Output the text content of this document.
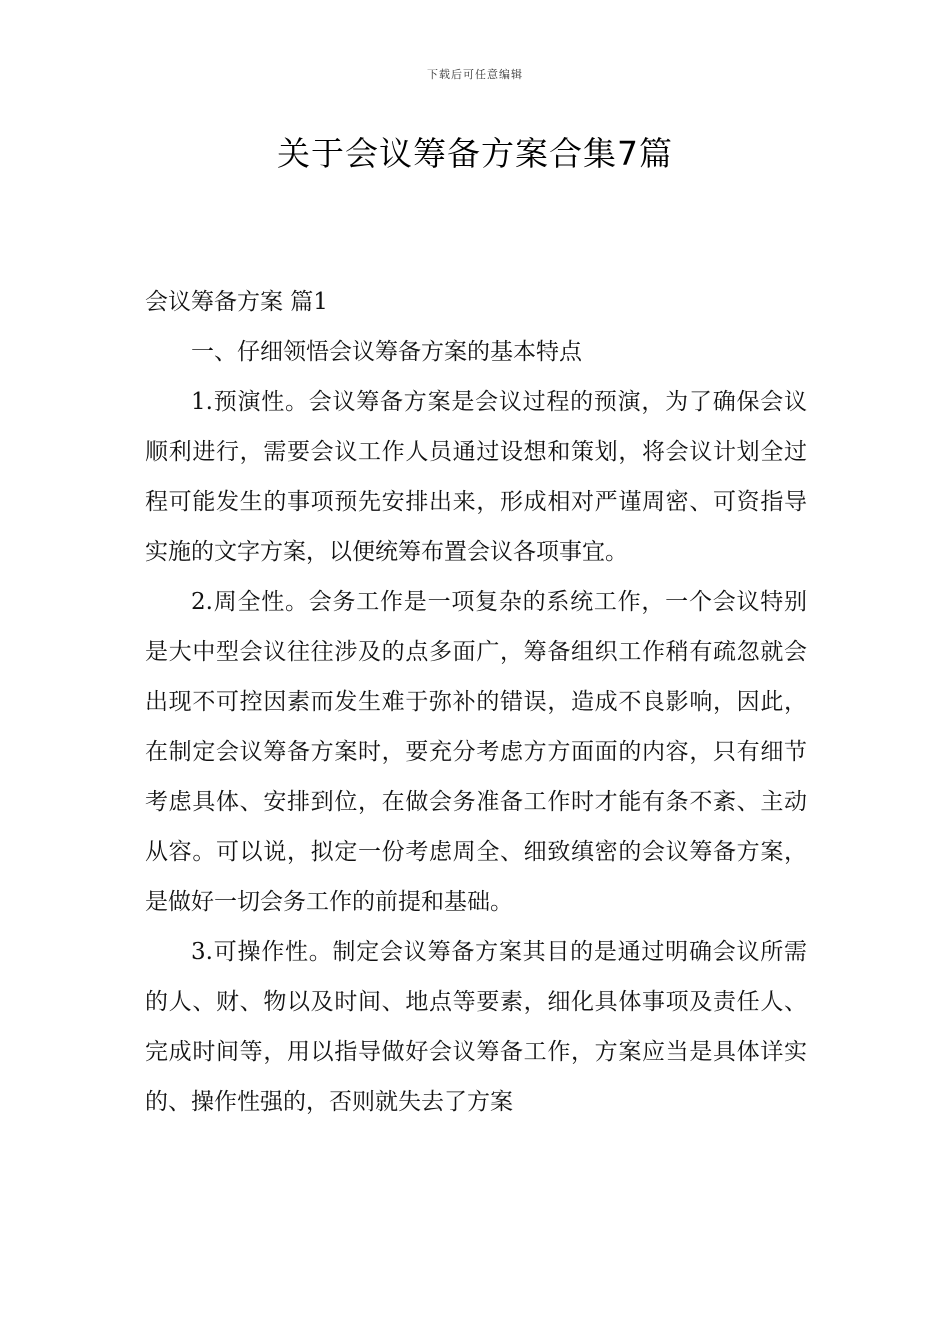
下载后可任意编辑
关于会议筹备方案合集7篇

会议筹备方案 篇1

一、仔细领悟会议筹备方案的基本特点

1.预演性。会议筹备方案是会议过程的预演，为了确保会议顺利进行，需要会议工作人员通过设想和策划，将会议计划全过程可能发生的事项预先安排出来，形成相对严谨周密、可资指导实施的文字方案，以便统筹布置会议各项事宜。

2.周全性。会务工作是一项复杂的系统工作，一个会议特别是大中型会议往往涉及的点多面广，筹备组织工作稍有疏忽就会出现不可控因素而发生难于弥补的错误，造成不良影响，因此，在制定会议筹备方案时，要充分考虑方方面面的内容，只有细节考虑具体、安排到位，在做会务准备工作时才能有条不紊、主动从容。可以说，拟定一份考虑周全、细致缜密的会议筹备方案，是做好一切会务工作的前提和基础。

3.可操作性。制定会议筹备方案其目的是通过明确会议所需的人、财、物以及时间、地点等要素，细化具体事项及责任人、完成时间等，用以指导做好会议筹备工作，方案应当是具体详实的、操作性强的，否则就失去了方案
